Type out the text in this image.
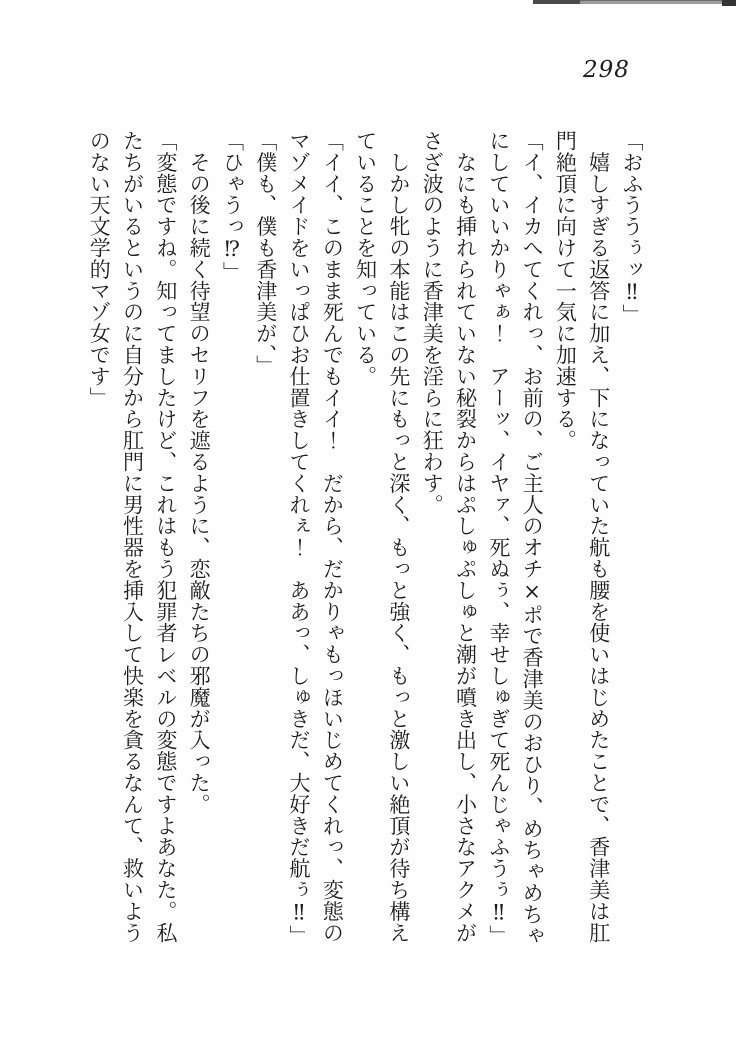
298
「おふううぅッ‼」
　嬉しすぎる返答に加え、下になっていた航も腰を使いはじめたことで、香津美は肛
門絶頂に向けて一気に加速する。
「イ、イカへてくれっ、お前の、ご主人のオチ×ポで香津美のおひり、めちゃめちゃ
にしていいかりゃぁ！　アーッ、イヤァ、死ぬぅ、幸せしゅぎて死んじゃふうぅ‼」
　なにも挿れられていない秘裂からはぷしゅぷしゅと潮が噴き出し、小さなアクメが
さざ波のように香津美を淫らに狂わす。
　しかし牝の本能はこの先にもっと深く、もっと強く、もっと激しい絶頂が待ち構え
ていることを知っている。
「イイ、このまま死んでもイイ！　だから、だかりゃもっほいじめてくれっ、変態の
マゾメイドをいっぱひお仕置きしてくれぇ！　ああっ、しゅきだ、大好きだ航ぅ‼」
「僕も、僕も香津美が、」
「ひゃうっ⁉」
　その後に続く待望のセリフを遮るように、恋敵たちの邪魔が入った。
「変態ですね。知ってましたけど、これはもう犯罪者レベルの変態ですよあなた。私
たちがいるというのに自分から肛門に男性器を挿入して快楽を貪るなんて、救いよう
のない天文学的マゾ女です」
